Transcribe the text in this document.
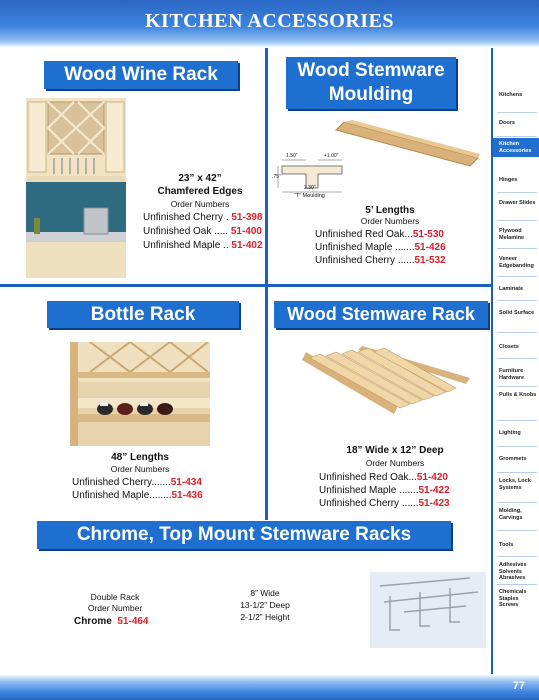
KITCHEN ACCESSORIES
Wood Wine Rack
23” x 42”
Chamfered Edges
Order Numbers
Unfinished Cherry . 51-398
Unfinished Oak ..... 51-400
Unfinished Maple .. 51-402
Wood Stemware
Moulding
1.50”	+1.00”
.75”
2.30”
“T” Moulding
5’ Lengths
Order Numbers
Unfinished Red Oak...51-530
Unfinished Maple .......51-426
Unfinished Cherry ......51-532
Bottle Rack
48” Lengths
Order Numbers
Unfinished Cherry.......51-434
Unfinished Maple........51-436
Wood Stemware Rack
18” Wide x 12” Deep
Order Numbers
Unfinished Red Oak...51-420
Unfinished Maple .......51-422
Unfinished Cherry ......51-423
Chrome, Top Mount Stemware Racks
Double Rack
Order Number
Chrome 51-464
8” Wide
13-1/2” Deep
2-1/2” Height
Kitchens
Doors
Kitchen Accessories
Hinges
Drawer Slides
Plywood Melamine
Veneer Edgebanding
Laminate
Solid Surface
Closets
Furniture Hardware
Pulls & Knobs
Lighting
Grommets
Locks, Lock Systems
Molding, Carvings
Tools
Adhesives Solvents Abrasives
Chemicals Staples Screws
77
